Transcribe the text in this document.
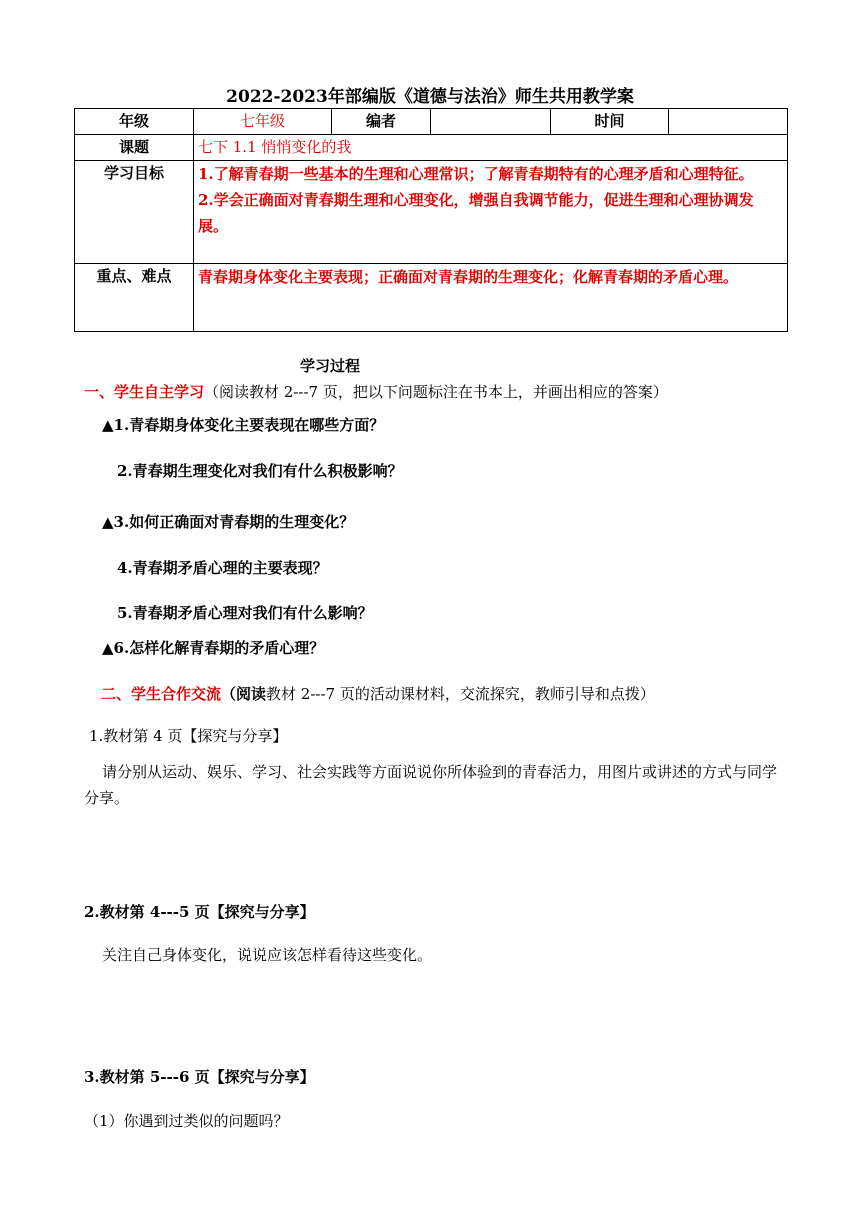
2022-2023年部编版《道德与法治》师生共用教学案
年级	七年级	编者		时间	
课题	七下 1.1 悄悄变化的我				
学习目标	1.了解青春期一些基本的生理和心理常识；了解青春期特有的心理矛盾和心理特征。
2.学会正确面对青春期生理和心理变化，增强自我调节能力，促进生理和心理协调发展。				

重点、难点	青春期身体变化主要表现；正确面对青春期的生理变化；化解青春期的矛盾心理。				
学习过程
一、学生自主学习（阅读教材 2---7 页，把以下问题标注在书本上，并画出相应的答案）
▲1.青春期身体变化主要表现在哪些方面？
2.青春期生理变化对我们有什么积极影响？
▲3.如何正确面对青春期的生理变化？
4.青春期矛盾心理的主要表现？
5.青春期矛盾心理对我们有什么影响？
▲6.怎样化解青春期的矛盾心理？
二、学生合作交流（阅读教材 2---7 页的活动课材料，交流探究，教师引导和点拨）
1.教材第 4 页【探究与分享】
请分别从运动、娱乐、学习、社会实践等方面说说你所体验到的青春活力，用图片或讲述的方式与同学分享。
2.教材第 4---5 页【探究与分享】
关注自己身体变化，说说应该怎样看待这些变化。
3.教材第 5---6 页【探究与分享】
（1）你遇到过类似的问题吗？
